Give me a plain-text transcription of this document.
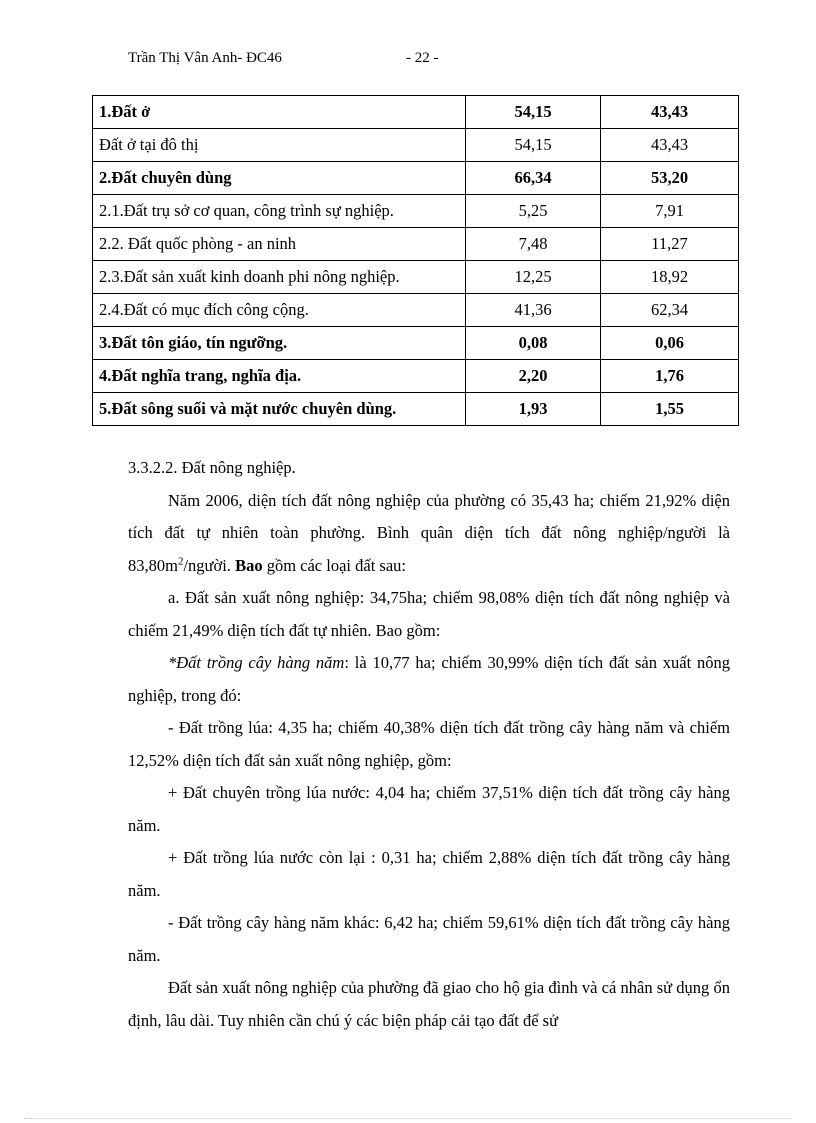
Trần Thị Vân Anh- ĐC46	- 22 -
1.Đất ở	54,15	43,43
Đất ở tại đô thị	54,15	43,43
2.Đất chuyên dùng	66,34	53,20
2.1.Đất trụ sở cơ quan, công trình sự nghiệp.	5,25	7,91
2.2. Đất quốc phòng - an ninh	7,48	11,27
2.3.Đất sản xuất kinh doanh phi nông nghiệp.	12,25	18,92
2.4.Đất có mục đích công cộng.	41,36	62,34
3.Đất tôn giáo, tín ngưỡng.	0,08	0,06
4.Đất nghĩa trang, nghĩa địa.	2,20	1,76
5.Đất sông suối và mặt nước chuyên dùng.	1,93	1,55

3.3.2.2. Đất nông nghiệp.

Năm 2006, diện tích đất nông nghiệp của phường có 35,43 ha; chiếm 21,92% diện tích đất tự nhiên toàn phường. Bình quân diện tích đất nông nghiệp/người là $83,80m^2$/người. Bao gồm các loại đất sau:

a. Đất sản xuất nông nghiệp: 34,75ha; chiếm 98,08% diện tích đất nông nghiệp và chiếm 21,49% diện tích đất tự nhiên. Bao gồm:

*Đất trồng cây hàng năm: là 10,77 ha; chiếm 30,99% diện tích đất sản xuất nông nghiệp, trong đó:

- Đất trồng lúa: 4,35 ha; chiếm 40,38% diện tích đất trồng cây hàng năm và chiếm 12,52% diện tích đất sản xuất nông nghiệp, gồm:

+ Đất chuyên trồng lúa nước: 4,04 ha; chiếm 37,51% diện tích đất trồng cây hàng năm.

+ Đất trồng lúa nước còn lại : 0,31 ha; chiếm 2,88% diện tích đất trồng cây hàng năm.

- Đất trồng cây hàng năm khác: 6,42 ha; chiếm 59,61% diện tích đất trồng cây hàng năm.

Đất sản xuất nông nghiệp của phường đã giao cho hộ gia đình và cá nhân sử dụng ổn định, lâu dài. Tuy nhiên cần chú ý các biện pháp cải tạo đất để sử
